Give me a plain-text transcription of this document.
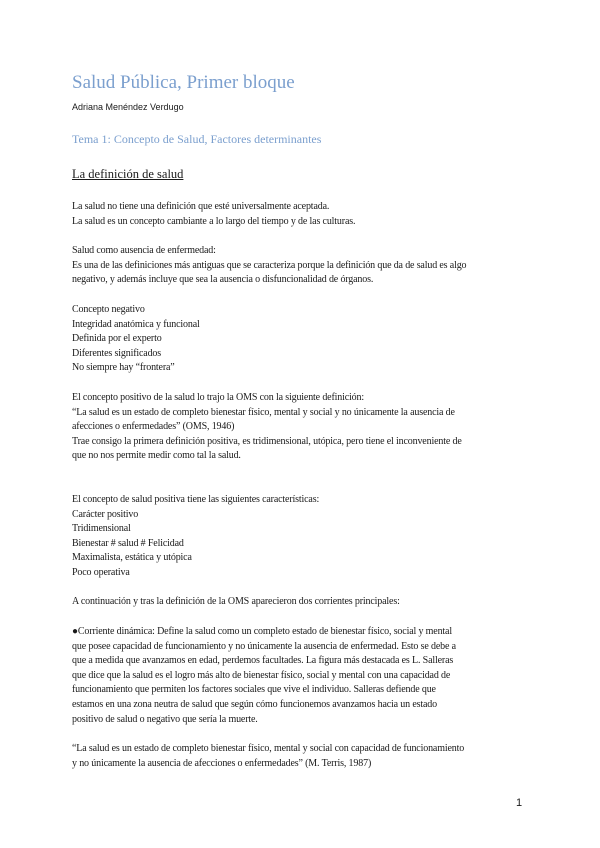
Salud Pública, Primer bloque
Adriana Menéndez Verdugo
Tema 1: Concepto de Salud, Factores determinantes
La definición de salud

La salud no tiene una definición que esté universalmente aceptada.

La salud es un concepto cambiante a lo largo del tiempo y de las culturas.

Salud como ausencia de enfermedad:

Es una de las definiciones más antiguas que se caracteriza porque la definición que da de salud es algo

negativo, y además incluye que sea la ausencia o disfuncionalidad de órganos.

Concepto negativo

Integridad anatómica y funcional

Definida por el experto

Diferentes significados

No siempre hay “frontera”

El concepto positivo de la salud lo trajo la OMS con la siguiente definición:

“La salud es un estado de completo bienestar físico, mental y social y no únicamente la ausencia de

afecciones o enfermedades” (OMS, 1946)

Trae consigo la primera definición positiva, es tridimensional, utópica, pero tiene el inconveniente de

que no nos permite medir como tal la salud.

El concepto de salud positiva tiene las siguientes características:

Carácter positivo

Tridimensional

Bienestar # salud # Felicidad

Maximalista, estática y utópica

Poco operativa

A continuación y tras la definición de la OMS aparecieron dos corrientes principales:

●Corriente dinámica: Define la salud como un completo estado de bienestar físico, social y mental

que posee capacidad de funcionamiento y no únicamente la ausencia de enfermedad. Esto se debe a

que a medida que avanzamos en edad, perdemos facultades. La figura más destacada es L. Salleras

que dice que la salud es el logro más alto de bienestar físico, social y mental con una capacidad de

funcionamiento que permiten los factores sociales que vive el individuo. Salleras defiende que

estamos en una zona neutra de salud que según cómo funcionemos avanzamos hacia un estado

positivo de salud o negativo que sería la muerte.

“La salud es un estado de completo bienestar físico, mental y social con capacidad de funcionamiento

y no únicamente la ausencia de afecciones o enfermedades” (M. Terris, 1987)

1
